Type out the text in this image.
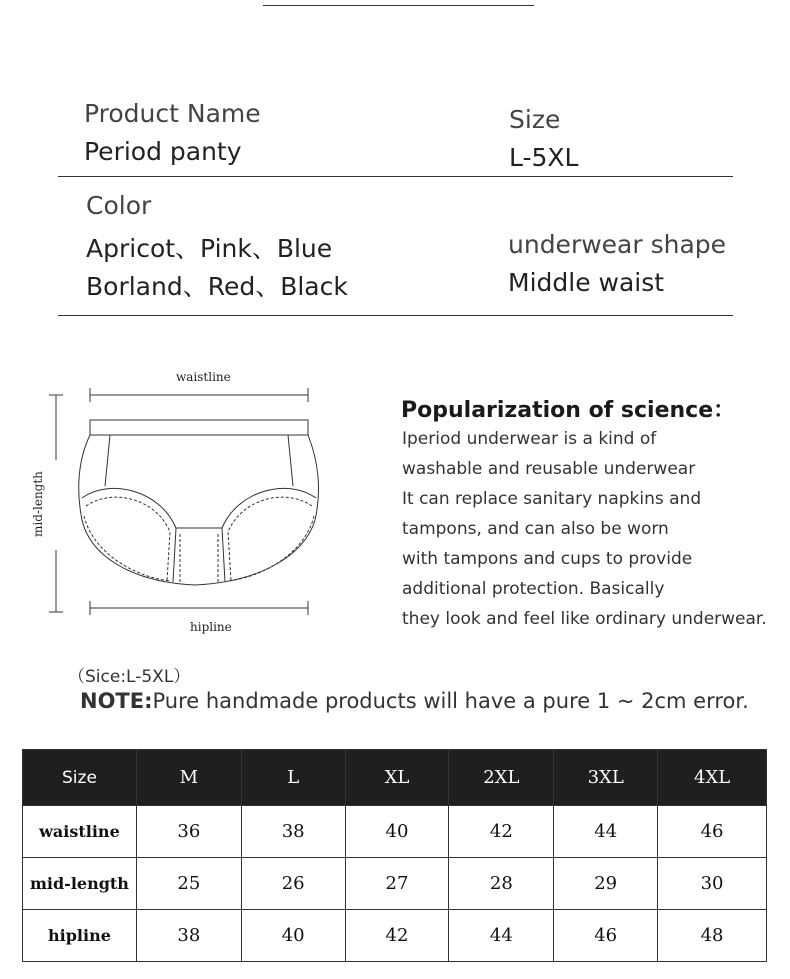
Product Name
Period panty
Size
L-5XL
Color
Apricot、Pink、Blue
Borland、Red、Black
underwear shape
Middle waist
waistline
hipline
mid-length
Popularization of science：
Iperiod underwear is a kind of
washable and reusable underwear
It can replace sanitary napkins and
tampons, and can also be worn
with tampons and cups to provide
additional protection. Basically
they look and feel like ordinary underwear.
（Sice:L-5XL）
NOTE:Pure handmade products will have a pure 1 ~ 2cm error.
Size	M	L	XL	2XL	3XL	4XL
waistline	36	38	40	42	44	46
mid-length	25	26	27	28	29	30
hipline	38	40	42	44	46	48
